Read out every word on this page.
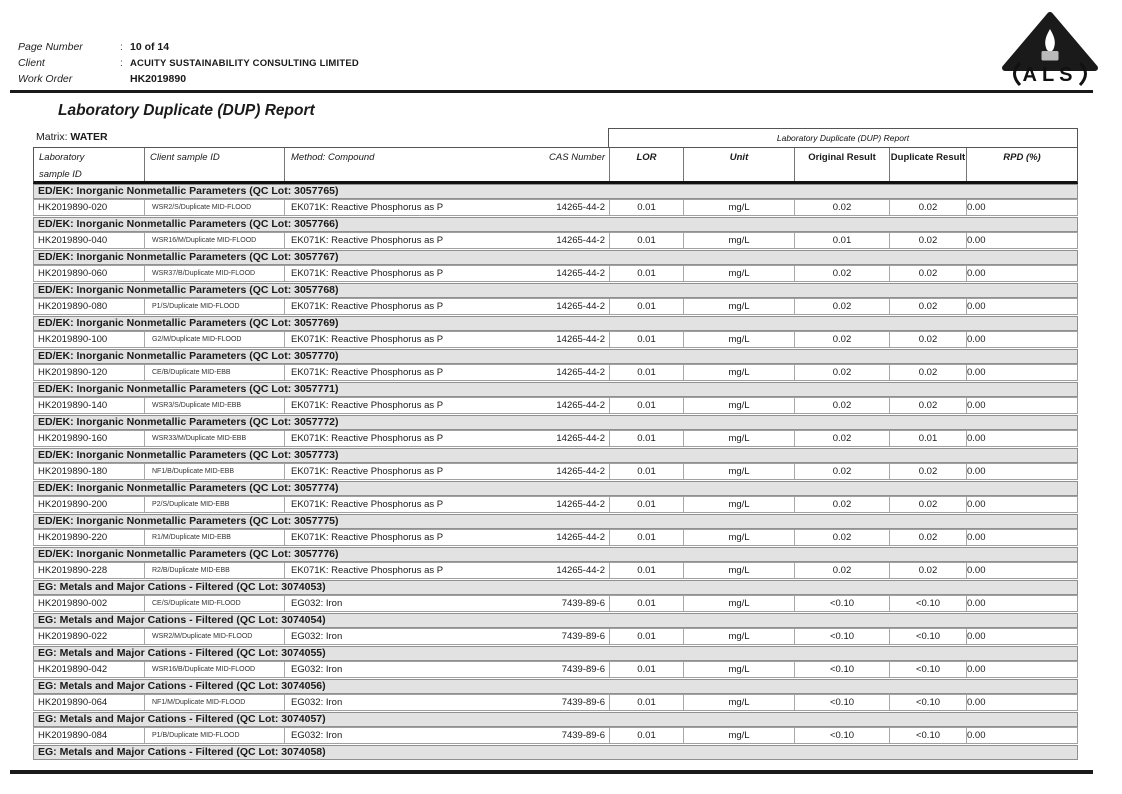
Page Number	: 10 of 14
Client	: ACUITY SUSTAINABILITY CONSULTING LIMITED
Work Order	HK2019890	ALS
Laboratory Duplicate (DUP) Report
Matrix: WATER	Laboratory Duplicate (DUP) Report
Laboratory
sample ID
Client sample ID	Method: Compound	CAS Number	LOR	Unit	Original Result	Duplicate Result	RPD (%)
ED/EK: Inorganic Nonmetallic Parameters (QC Lot: 3057765)
HK2019890-020	WSR2/S/Duplicate MID-FLOOD	EK071K: Reactive Phosphorus as P	14265-44-2	0.01	mg/L	0.02	0.02	0.00
ED/EK: Inorganic Nonmetallic Parameters (QC Lot: 3057766)
HK2019890-040	WSR16/M/Duplicate MID-FLOOD	EK071K: Reactive Phosphorus as P	14265-44-2	0.01	mg/L	0.01	0.02	0.00
ED/EK: Inorganic Nonmetallic Parameters (QC Lot: 3057767)
HK2019890-060	WSR37/B/Duplicate MID-FLOOD	EK071K: Reactive Phosphorus as P	14265-44-2	0.01	mg/L	0.02	0.02	0.00
ED/EK: Inorganic Nonmetallic Parameters (QC Lot: 3057768)
HK2019890-080	P1/S/Duplicate MID-FLOOD	EK071K: Reactive Phosphorus as P	14265-44-2	0.01	mg/L	0.02	0.02	0.00
ED/EK: Inorganic Nonmetallic Parameters (QC Lot: 3057769)
HK2019890-100	G2/M/Duplicate MID-FLOOD	EK071K: Reactive Phosphorus as P	14265-44-2	0.01	mg/L	0.02	0.02	0.00
ED/EK: Inorganic Nonmetallic Parameters (QC Lot: 3057770)
HK2019890-120	CE/B/Duplicate MID-EBB	EK071K: Reactive Phosphorus as P	14265-44-2	0.01	mg/L	0.02	0.02	0.00
ED/EK: Inorganic Nonmetallic Parameters (QC Lot: 3057771)
HK2019890-140	WSR3/S/Duplicate MID-EBB	EK071K: Reactive Phosphorus as P	14265-44-2	0.01	mg/L	0.02	0.02	0.00
ED/EK: Inorganic Nonmetallic Parameters (QC Lot: 3057772)
HK2019890-160	WSR33/M/Duplicate MID-EBB	EK071K: Reactive Phosphorus as P	14265-44-2	0.01	mg/L	0.02	0.01	0.00
ED/EK: Inorganic Nonmetallic Parameters (QC Lot: 3057773)
HK2019890-180	NF1/B/Duplicate MID-EBB	EK071K: Reactive Phosphorus as P	14265-44-2	0.01	mg/L	0.02	0.02	0.00
ED/EK: Inorganic Nonmetallic Parameters (QC Lot: 3057774)
HK2019890-200	P2/S/Duplicate MID-EBB	EK071K: Reactive Phosphorus as P	14265-44-2	0.01	mg/L	0.02	0.02	0.00
ED/EK: Inorganic Nonmetallic Parameters (QC Lot: 3057775)
HK2019890-220	R1/M/Duplicate MID-EBB	EK071K: Reactive Phosphorus as P	14265-44-2	0.01	mg/L	0.02	0.02	0.00
ED/EK: Inorganic Nonmetallic Parameters (QC Lot: 3057776)
HK2019890-228	R2/B/Duplicate MID-EBB	EK071K: Reactive Phosphorus as P	14265-44-2	0.01	mg/L	0.02	0.02	0.00
EG: Metals and Major Cations - Filtered (QC Lot: 3074053)
HK2019890-002	CE/S/Duplicate MID-FLOOD	EG032: Iron	7439-89-6	0.01	mg/L	<0.10	<0.10	0.00
EG: Metals and Major Cations - Filtered (QC Lot: 3074054)
HK2019890-022	WSR2/M/Duplicate MID-FLOOD	EG032: Iron	7439-89-6	0.01	mg/L	<0.10	<0.10	0.00
EG: Metals and Major Cations - Filtered (QC Lot: 3074055)
HK2019890-042	WSR16/B/Duplicate MID-FLOOD	EG032: Iron	7439-89-6	0.01	mg/L	<0.10	<0.10	0.00
EG: Metals and Major Cations - Filtered (QC Lot: 3074056)
HK2019890-064	NF1/M/Duplicate MID-FLOOD	EG032: Iron	7439-89-6	0.01	mg/L	<0.10	<0.10	0.00
EG: Metals and Major Cations - Filtered (QC Lot: 3074057)
HK2019890-084	P1/B/Duplicate MID-FLOOD	EG032: Iron	7439-89-6	0.01	mg/L	<0.10	<0.10	0.00
EG: Metals and Major Cations - Filtered (QC Lot: 3074058)
